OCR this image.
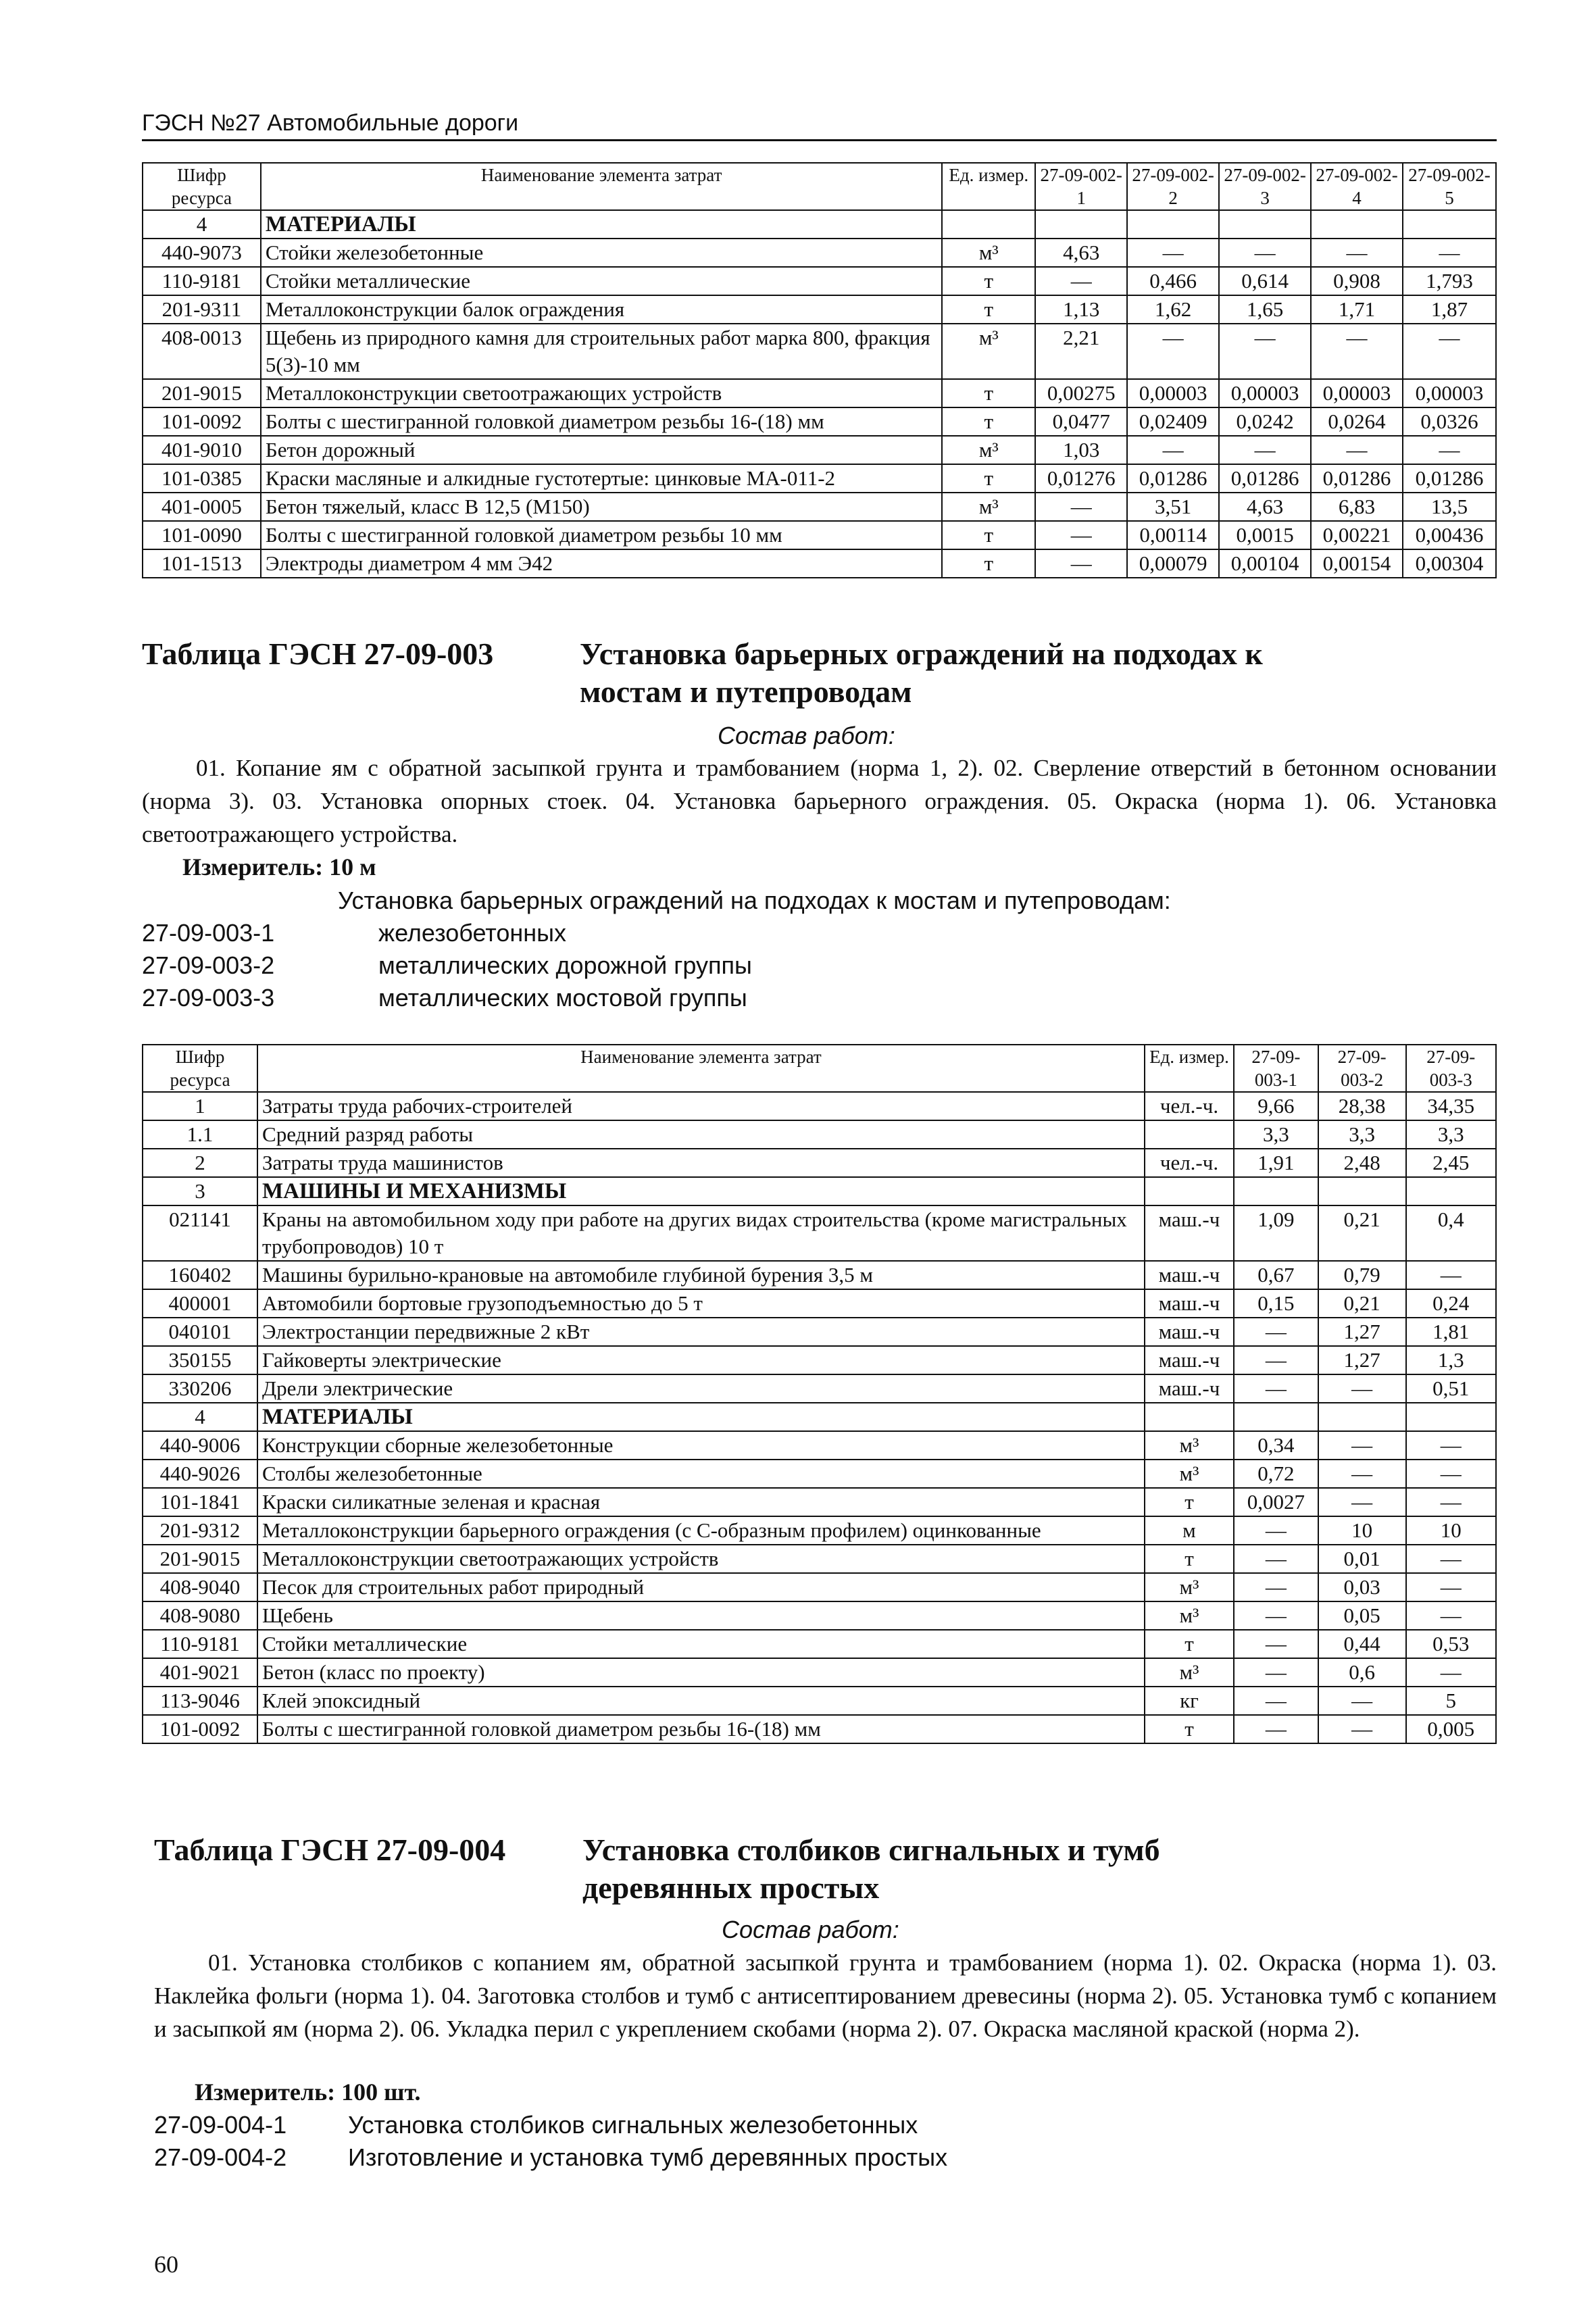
ГЭСН №27 Автомобильные дороги
Шифр ресурса	Наименование элемента затрат	Ед. измер.	27-09-002-1	27-09-002-2	27-09-002-3	27-09-002-4	27-09-002-5
4	МАТЕРИАЛЫ						
440-9073	Стойки железобетонные	м³	4,63	—	—	—	—
110-9181	Стойки металлические	т	—	0,466	0,614	0,908	1,793
201-9311	Металлоконструкции балок ограждения	т	1,13	1,62	1,65	1,71	1,87
408-0013	Щебень из природного камня для строительных работ марка 800, фракция 5(3)-10 мм	м³	2,21	—	—	—	—
201-9015	Металлоконструкции светоотражающих устройств	т	0,00275	0,00003	0,00003	0,00003	0,00003
101-0092	Болты с шестигранной головкой диаметром резьбы 16-(18) мм	т	0,0477	0,02409	0,0242	0,0264	0,0326
401-9010	Бетон дорожный	м³	1,03	—	—	—	—
101-0385	Краски масляные и алкидные густотертые: цинковые МА-011-2	т	0,01276	0,01286	0,01286	0,01286	0,01286
401-0005	Бетон тяжелый, класс В 12,5 (М150)	м³	—	3,51	4,63	6,83	13,5
101-0090	Болты с шестигранной головкой диаметром резьбы 10 мм	т	—	0,00114	0,0015	0,00221	0,00436
101-1513	Электроды диаметром 4 мм Э42	т	—	0,00079	0,00104	0,00154	0,00304
Таблица ГЭСН 27-09-003	Установка барьерных ограждений на подходах к мостам и путепроводам
Состав работ:
01. Копание ям с обратной засыпкой грунта и трамбованием (норма 1, 2). 02. Сверление отверстий в бетонном основании (норма 3). 03. Установка опорных стоек. 04. Установка барьерного ограждения. 05. Окраска (норма 1). 06. Установка светоотражающего устройства.
Измеритель: 10 м
Установка барьерных ограждений на подходах к мостам и путепроводам:
27-09-003-1	железобетонных
27-09-003-2	металлических дорожной группы
27-09-003-3	металлических мостовой группы
Шифр ресурса	Наименование элемента затрат	Ед. измер.	27-09-003-1	27-09-003-2	27-09-003-3
1	Затраты труда рабочих-строителей	чел.-ч.	9,66	28,38	34,35
1.1	Средний разряд работы		3,3	3,3	3,3
2	Затраты труда машинистов	чел.-ч.	1,91	2,48	2,45
3	МАШИНЫ И МЕХАНИЗМЫ				
021141	Краны на автомобильном ходу при работе на других видах строительства (кроме магистральных трубопроводов) 10 т	маш.-ч	1,09	0,21	0,4
160402	Машины бурильно-крановые на автомобиле глубиной бурения 3,5 м	маш.-ч	0,67	0,79	—
400001	Автомобили бортовые грузоподъемностью до 5 т	маш.-ч	0,15	0,21	0,24
040101	Электростанции передвижные 2 кВт	маш.-ч	—	1,27	1,81
350155	Гайковерты электрические	маш.-ч	—	1,27	1,3
330206	Дрели электрические	маш.-ч	—	—	0,51
4	МАТЕРИАЛЫ				
440-9006	Конструкции сборные железобетонные	м³	0,34	—	—
440-9026	Столбы железобетонные	м³	0,72	—	—
101-1841	Краски силикатные зеленая и красная	т	0,0027	—	—
201-9312	Металлоконструкции барьерного ограждения (с С-образным профилем) оцинкованные	м	—	10	10
201-9015	Металлоконструкции светоотражающих устройств	т	—	0,01	—
408-9040	Песок для строительных работ природный	м³	—	0,03	—
408-9080	Щебень	м³	—	0,05	—
110-9181	Стойки металлические	т	—	0,44	0,53
401-9021	Бетон (класс по проекту)	м³	—	0,6	—
113-9046	Клей эпоксидный	кг	—	—	5
101-0092	Болты с шестигранной головкой диаметром резьбы 16-(18) мм	т	—	—	0,005
Таблица ГЭСН 27-09-004 Установка столбиков сигнальных и тумб деревянных простых
Состав работ:
01. Установка столбиков с копанием ям, обратной засыпкой грунта и трамбованием (норма 1). 02. Окраска (норма 1). 03. Наклейка фольги (норма 1). 04. Заготовка столбов и тумб с антисептированием древесины (норма 2). 05. Установка тумб с копанием и засыпкой ям (норма 2). 06. Укладка перил с укреплением скобами (норма 2). 07. Окраска масляной краской (норма 2).
Измеритель: 100 шт.
27-09-004-1	Установка столбиков сигнальных железобетонных
27-09-004-2	Изготовление и установка тумб деревянных простых
60
